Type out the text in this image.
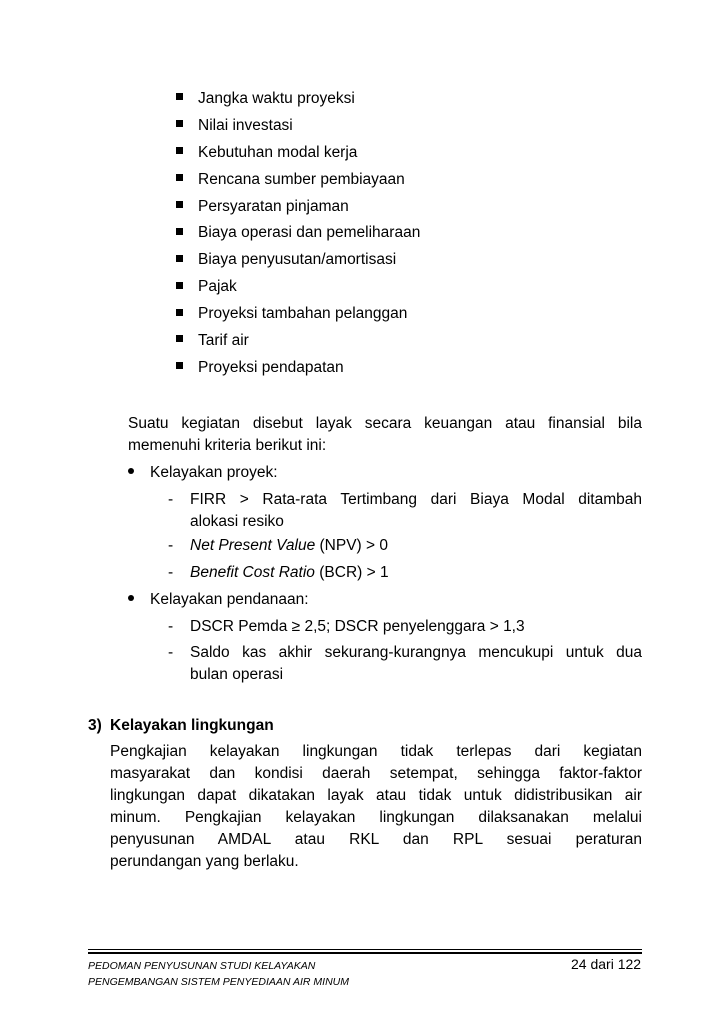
Jangka waktu proyeksi
Nilai investasi
Kebutuhan modal kerja
Rencana sumber pembiayaan
Persyaratan pinjaman
Biaya operasi dan pemeliharaan
Biaya penyusutan/amortisasi
Pajak
Proyeksi tambahan pelanggan
Tarif air
Proyeksi pendapatan
Suatu kegiatan disebut layak secara keuangan atau finansial bila
memenuhi kriteria berikut ini:
Kelayakan proyek:
- FIRR > Rata-rata Tertimbang dari Biaya Modal ditambah
alokasi resiko
- Net Present Value (NPV) > 0
- Benefit Cost Ratio (BCR) > 1
Kelayakan pendanaan:
- DSCR Pemda ≥ 2,5; DSCR penyelenggara > 1,3
- Saldo kas akhir sekurang-kurangnya mencukupi untuk dua
bulan operasi
3) Kelayakan lingkungan
Pengkajian kelayakan lingkungan tidak terlepas dari kegiatan
masyarakat dan kondisi daerah setempat, sehingga faktor-faktor
lingkungan dapat dikatakan layak atau tidak untuk didistribusikan air
minum. Pengkajian kelayakan lingkungan dilaksanakan melalui
penyusunan AMDAL atau RKL dan RPL sesuai peraturan
perundangan yang berlaku.
PEDOMAN PENYUSUNAN STUDI KELAYAKAN
PENGEMBANGAN SISTEM PENYEDIAAN AIR MINUM
24 dari 122
